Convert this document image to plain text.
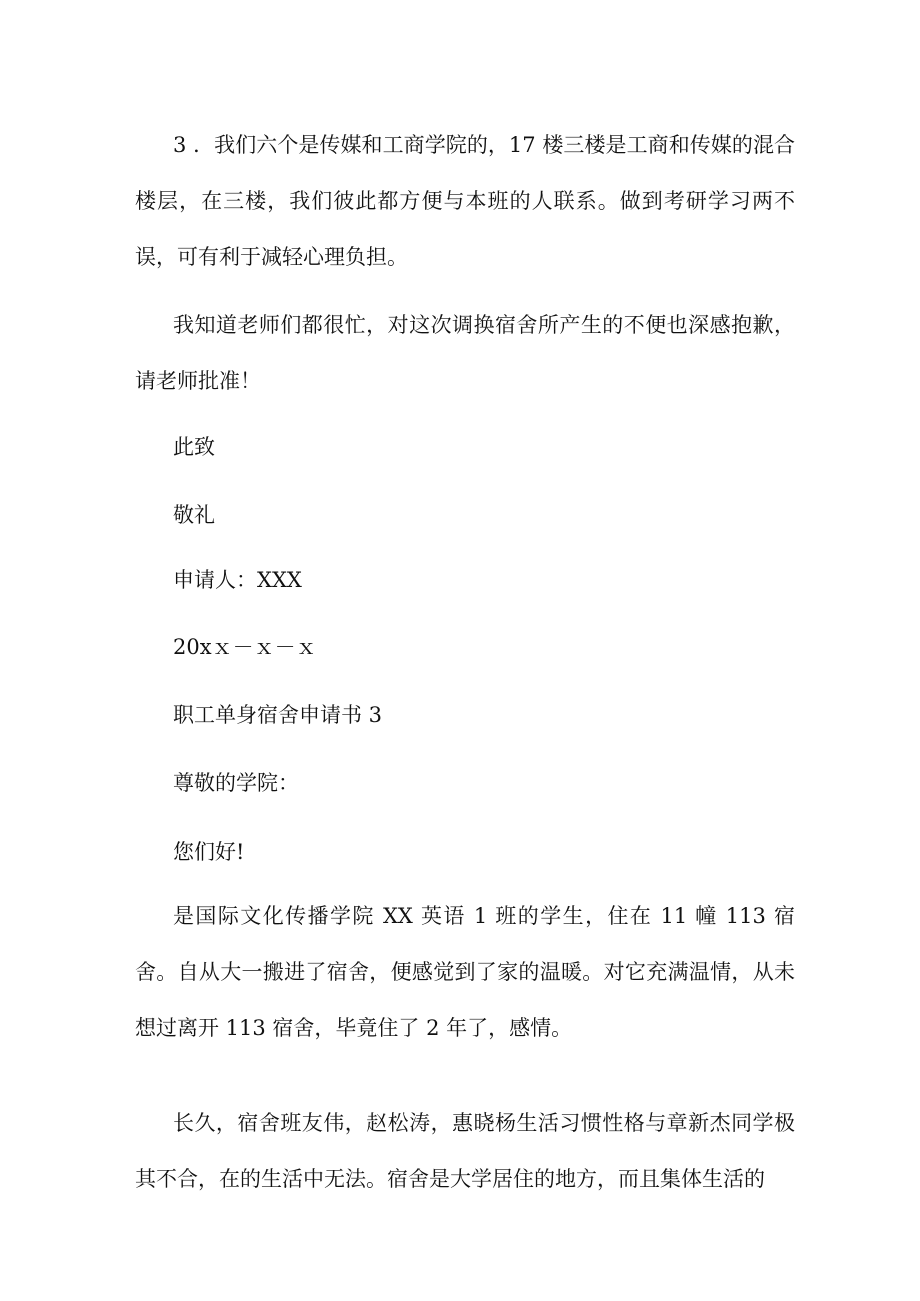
3 ．我们六个是传媒和工商学院的，17 楼三楼是工商和传媒的混合楼层，在三楼，我们彼此都方便与本班的人联系。做到考研学习两不误，可有利于减轻心理负担。

我知道老师们都很忙，对这次调换宿舍所产生的不便也深感抱歉，请老师批准！

此致
敬礼
申请人：XXX
20xｘ－ｘ－ｘ
职工单身宿舍申请书 3
尊敬的学院：
您们好!

是国际文化传播学院 XX 英语 1 班的学生，住在 11 幢 113 宿舍。自从大一搬进了宿舍，便感觉到了家的温暖。对它充满温情，从未想过离开 113 宿舍，毕竟住了 2 年了，感情。

长久，宿舍班友伟，赵松涛，惠晓杨生活习惯性格与章新杰同学极其不合，在的生活中无法。宿舍是大学居住的地方，而且集体生活的
